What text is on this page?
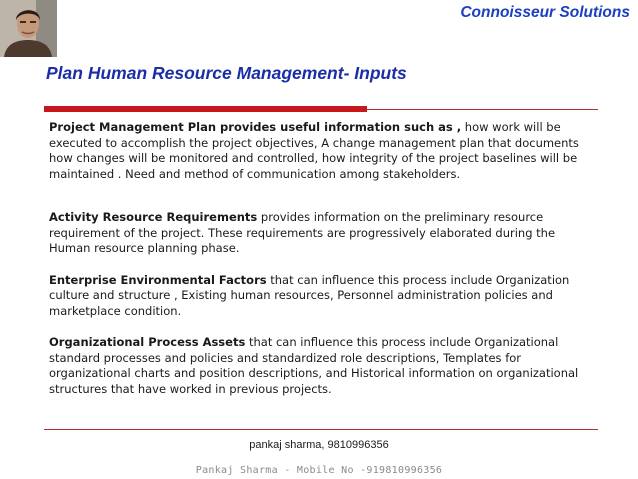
Connoisseur Solutions
Plan Human Resource Management- Inputs

Project Management Plan provides useful information such as , how work will be executed to accomplish the project objectives, A change management plan that documents how changes will be monitored and controlled, how integrity of the project baselines will be maintained . Need and method of communication among stakeholders.

Activity Resource Requirements provides information on the preliminary resource requirement of the project. These requirements are progressively elaborated during the Human resource planning phase.

Enterprise Environmental Factors that can influence this process include Organization culture and structure , Existing human resources, Personnel administration policies and marketplace condition.

Organizational Process Assets that can influence this process include Organizational standard processes and policies and standardized role descriptions, Templates for organizational charts and position descriptions, and Historical information on organizational structures that have worked in previous projects.

pankaj sharma, 9810996356
Pankaj Sharma - Mobile No -919810996356
